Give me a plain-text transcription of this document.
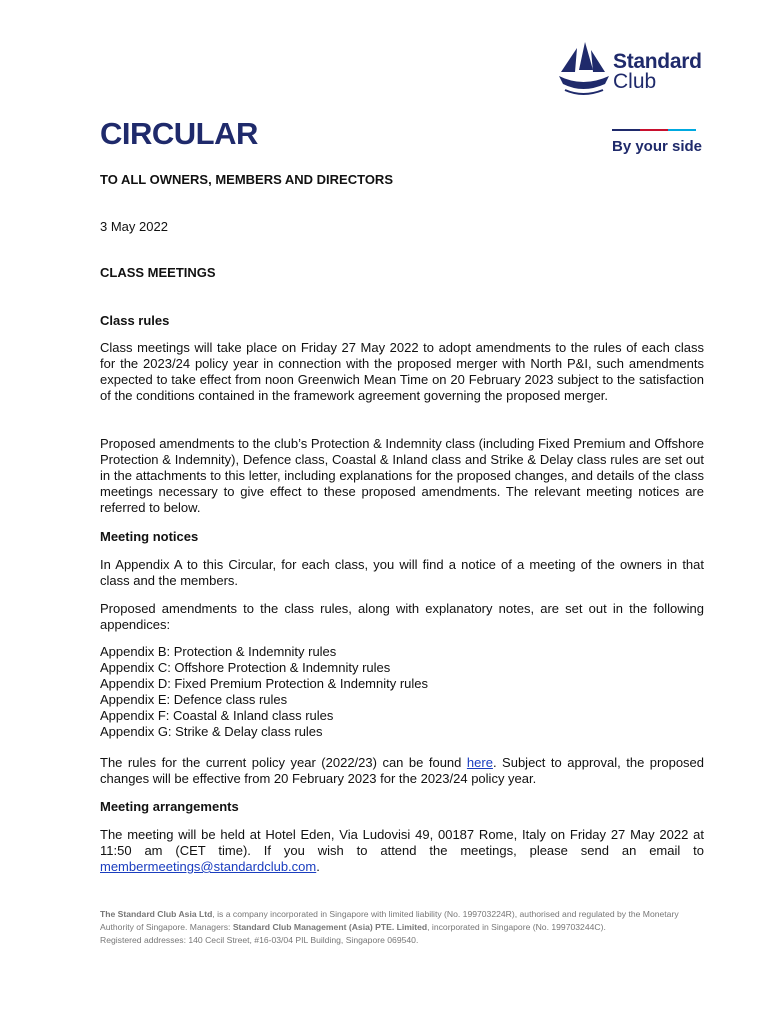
Standard
Club
By your side
CIRCULAR
TO ALL OWNERS, MEMBERS AND DIRECTORS
3 May 2022
CLASS MEETINGS
Class rules
Class meetings will take place on Friday 27 May 2022 to adopt amendments to the rules of each class for the 2023/24 policy year in connection with the proposed merger with North P&I, such amendments expected to take effect from noon Greenwich Mean Time on 20 February 2023 subject to the satisfaction of the conditions contained in the framework agreement governing the proposed merger.
Proposed amendments to the club’s Protection & Indemnity class (including Fixed Premium and Offshore Protection & Indemnity), Defence class, Coastal & Inland class and Strike & Delay class rules are set out in the attachments to this letter, including explanations for the proposed changes, and details of the class meetings necessary to give effect to these proposed amendments. The relevant meeting notices are referred to below.
Meeting notices
In Appendix A to this Circular, for each class, you will find a notice of a meeting of the owners in that class and the members.
Proposed amendments to the class rules, along with explanatory notes, are set out in the following appendices:
Appendix B: Protection & Indemnity rules
Appendix C: Offshore Protection & Indemnity rules
Appendix D: Fixed Premium Protection & Indemnity rules
Appendix E: Defence class rules
Appendix F: Coastal & Inland class rules
Appendix G: Strike & Delay class rules
The rules for the current policy year (2022/23) can be found here. Subject to approval, the proposed changes will be effective from 20 February 2023 for the 2023/24 policy year.
Meeting arrangements
The meeting will be held at Hotel Eden, Via Ludovisi 49, 00187 Rome, Italy on Friday 27 May 2022 at 11:50 am (CET time). If you wish to attend the meetings, please send an email to membermeetings@standardclub.com.
The Standard Club Asia Ltd, is a company incorporated in Singapore with limited liability (No. 199703224R), authorised and regulated by the Monetary Authority of Singapore. Managers: Standard Club Management (Asia) PTE. Limited, incorporated in Singapore (No. 199703244C).
Registered addresses: 140 Cecil Street, #16-03/04 PIL Building, Singapore 069540.
